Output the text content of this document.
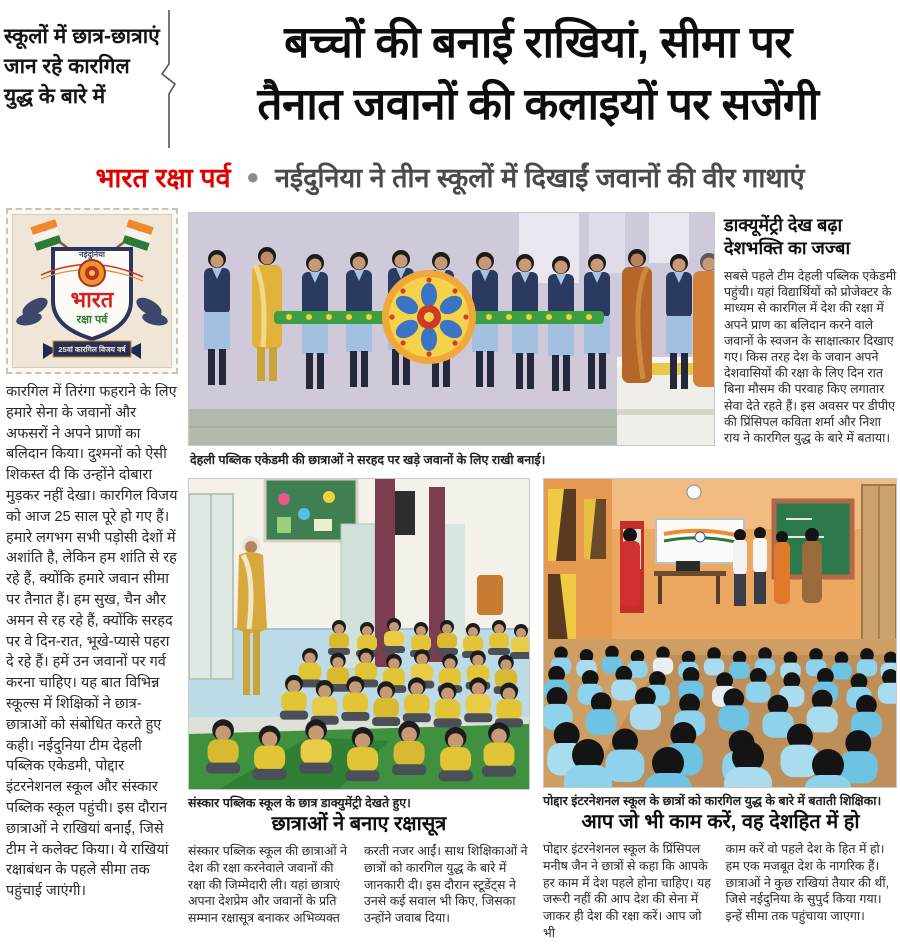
स्कूलों में छात्र-छात्राएं जान रहे कारगिल युद्ध के बारे में
बच्चों की बनाई राखियां, सीमा पर
तैनात जवानों की कलाइयों पर सजेंगी
भारत रक्षा पर्व ● नईदुनिया ने तीन स्कूलों में दिखाईं जवानों की वीर गाथाएं
नईदुनिया
भारत
रक्षा पर्व
25वां कारगिल विजय वर्ष
कारगिल में तिरंगा फहराने के लिए हमारे सेना के जवानों और अफसरों ने अपने प्राणों का बलिदान किया। दुश्मनों को ऐसी शिकस्त दी कि उन्होंने दोबारा मुड़कर नहीं देखा। कारगिल विजय को आज 25 साल पूरे हो गए हैं। हमारे लगभग सभी पड़ोसी देशों में अशांति है, लेकिन हम शांति से रह रहे हैं, क्योंकि हमारे जवान सीमा पर तैनात हैं। हम सुख, चैन और अमन से रह रहे हैं, क्योंकि सरहद पर वे दिन-रात, भूखे-प्यासे पहरा दे रहे हैं। हमें उन जवानों पर गर्व करना चाहिए। यह बात विभिन्न स्कूल्स में शिक्षिकों ने छात्र-छात्राओं को संबोधित करते हुए कही। नईदुनिया टीम देहली पब्लिक एकेडमी, पोद्दार इंटरनेशनल स्कूल और संस्कार पब्लिक स्कूल पहुंची। इस दौरान छात्राओं ने राखियां बनाईं, जिसे टीम ने कलेक्ट किया। ये राखियां रक्षाबंधन के पहले सीमा तक पहुंचाई जाएंगी।
देहली पब्लिक एकेडमी की छात्राओं ने सरहद पर खड़े जवानों के लिए राखी बनाई।
डाक्यूमेंट्री देख बढ़ा देशभक्ति का जज्बा
सबसे पहले टीम देहली पब्लिक एकेडमी पहुंची। यहां विद्यार्थियों को प्रोजेक्टर के माध्यम से कारगिल में देश की रक्षा में अपने प्राण का बलिदान करने वाले जवानों के स्वजन के साक्षात्कार दिखाए गए। किस तरह देश के जवान अपने देशवासियों की रक्षा के लिए दिन रात बिना मौसम की परवाह किए लगातार सेवा देते रहते हैं। इस अवसर पर डीपीए की प्रिंसिपल कविता शर्मा और निशा राय ने कारगिल युद्ध के बारे में बताया।
संस्कार पब्लिक स्कूल के छात्र डाक्युमेंट्री देखते हुए।	पोद्दार इंटरनेशनल स्कूल के छात्रों को कारगिल युद्ध के बारे में बताती शिक्षिका।
छात्राओं ने बनाए रक्षासूत्र
संस्कार पब्लिक स्कूल की छात्राओं ने देश की रक्षा करनेवाले जवानों की रक्षा की जिम्मेदारी ली। यहां छात्राएं अपना देशप्रेम और जवानों के प्रति सम्मान रक्षासूत्र बनाकर अभिव्यक्त
करती नजर आईं। साथ शिक्षिकाओं ने छात्रों को कारगिल युद्ध के बारे में जानकारी दी। इस दौरान स्टूडेंट्स ने उनसे कई सवाल भी किए, जिसका उन्होंने जवाब दिया।
आप जो भी काम करें, वह देशहित में हो
पोद्दार इंटरनेशनल स्कूल के प्रिंसिपल मनीष जैन ने छात्रों से कहा कि आपके हर काम में देश पहले होना चाहिए। यह जरूरी नहीं की आप देश की सेना में जाकर ही देश की रक्षा करें। आप जो भी
काम करें वो पहले देश के हित में हो। हम एक मजबूत देश के नागरिक हैं। छात्राओं ने कुछ राखियां तैयार की थीं, जिसे नईदुनिया के सुपुर्द किया गया। इन्हें सीमा तक पहुंचाया जाएगा।
